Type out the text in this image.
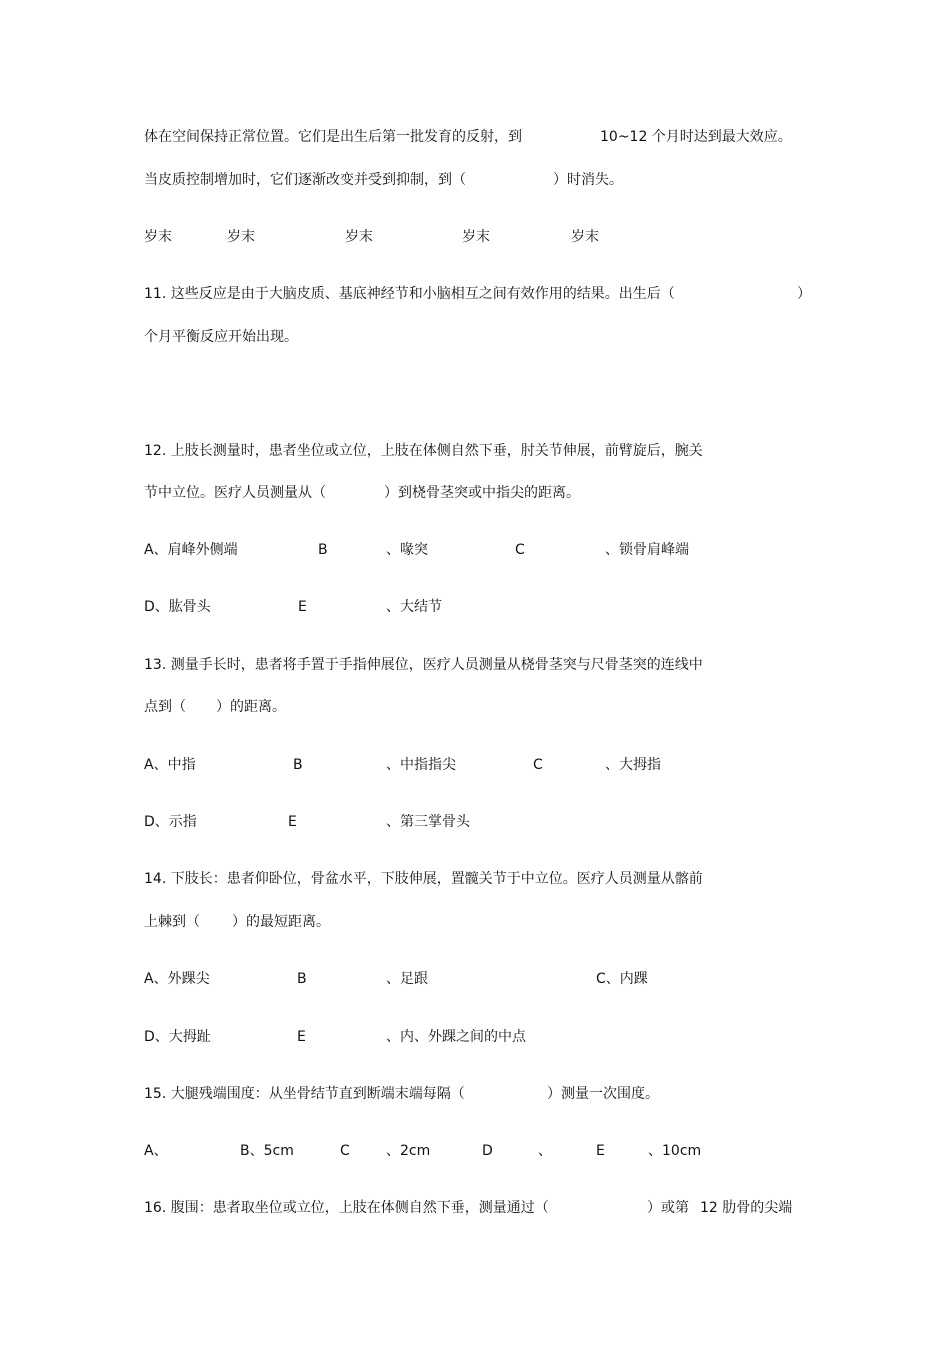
体在空间保持正常位置。它们是出生后第一批发育的反射，到	10~12 个月时达到最大效应。
当皮质控制增加时，它们逐渐改变并受到抑制，到（	）时消失。
岁末	岁末	岁末	岁末	岁末
11. 这些反应是由于大脑皮质、基底神经节和小脑相互之间有效作用的结果。出生后（	）
个月平衡反应开始出现。
12. 上肢长测量时，患者坐位或立位，上肢在体侧自然下垂，肘关节伸展，前臂旋后，腕关
节中立位。医疗人员测量从（	）到桡骨茎突或中指尖的距离。
A、肩峰外侧端	B	、喙突	C	、锁骨肩峰端
D、肱骨头	E	、大结节
13. 测量手长时，患者将手置于手指伸展位，医疗人员测量从桡骨茎突与尺骨茎突的连线中
点到（ ）的距离。
A、中指	B	、中指指尖	C	、大拇指
D、示指	E	、第三掌骨头
14. 下肢长：患者仰卧位，骨盆水平，下肢伸展，置髋关节于中立位。医疗人员测量从髂前
上棘到（ ）的最短距离。
A、外踝尖	B	、足跟	C、内踝
D、大拇趾	E	、内、外踝之间的中点
15. 大腿残端围度：从坐骨结节直到断端末端每隔（	）测量一次围度。
A、	B、5cm	C	、2cm	D	、	E	、10cm
16. 腹围：患者取坐位或立位，上肢在体侧自然下垂，测量通过（	）或第 12 肋骨的尖端
